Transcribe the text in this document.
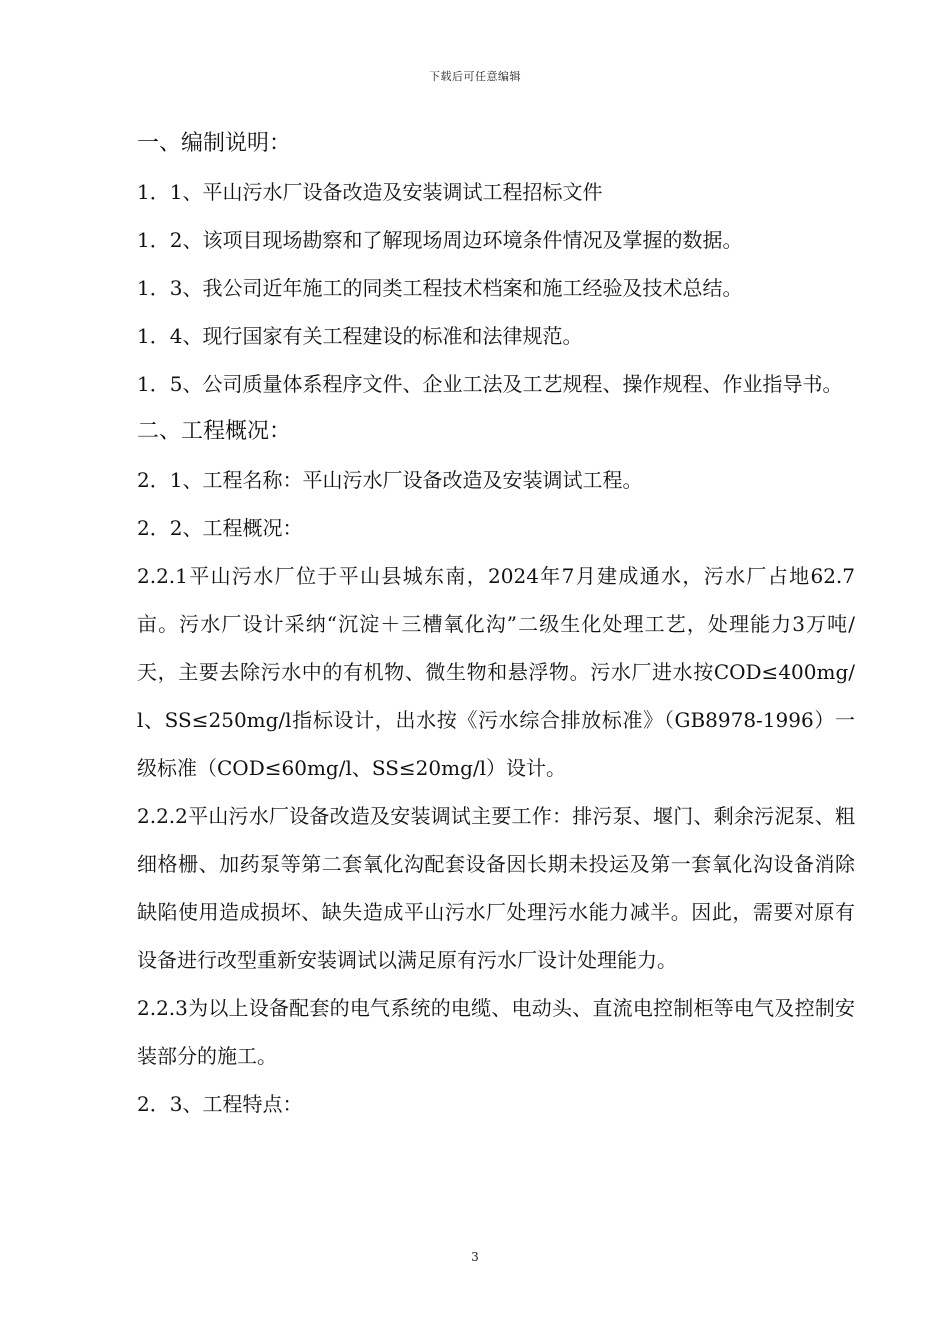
下载后可任意编辑

一、编制说明：

1．1、平山污水厂设备改造及安装调试工程招标文件

1．2、该项目现场勘察和了解现场周边环境条件情况及掌握的数据。

1．3、我公司近年施工的同类工程技术档案和施工经验及技术总结。

1．4、现行国家有关工程建设的标准和法律规范。

1．5、公司质量体系程序文件、企业工法及工艺规程、操作规程、作业指导书。

二、工程概况：

2．1、工程名称：平山污水厂设备改造及安装调试工程。

2．2、工程概况：

2.2.1平山污水厂位于平山县城东南，2024年7月建成通水，污水厂占地62.7亩。污水厂设计采纳“沉淀＋三槽氧化沟”二级生化处理工艺，处理能力3万吨/天，主要去除污水中的有机物、微生物和悬浮物。污水厂进水按COD≤400mg/l、SS≤250mg/l指标设计，出水按《污水综合排放标准》（GB8978-1996）一级标准（COD≤60mg/l、SS≤20mg/l）设计。

2.2.2平山污水厂设备改造及安装调试主要工作：排污泵、堰门、剩余污泥泵、粗细格栅、加药泵等第二套氧化沟配套设备因长期未投运及第一套氧化沟设备消除缺陷使用造成损坏、缺失造成平山污水厂处理污水能力减半。因此，需要对原有设备进行改型重新安装调试以满足原有污水厂设计处理能力。

2.2.3为以上设备配套的电气系统的电缆、电动头、直流电控制柜等电气及控制安装部分的施工。

2．3、工程特点：

3
